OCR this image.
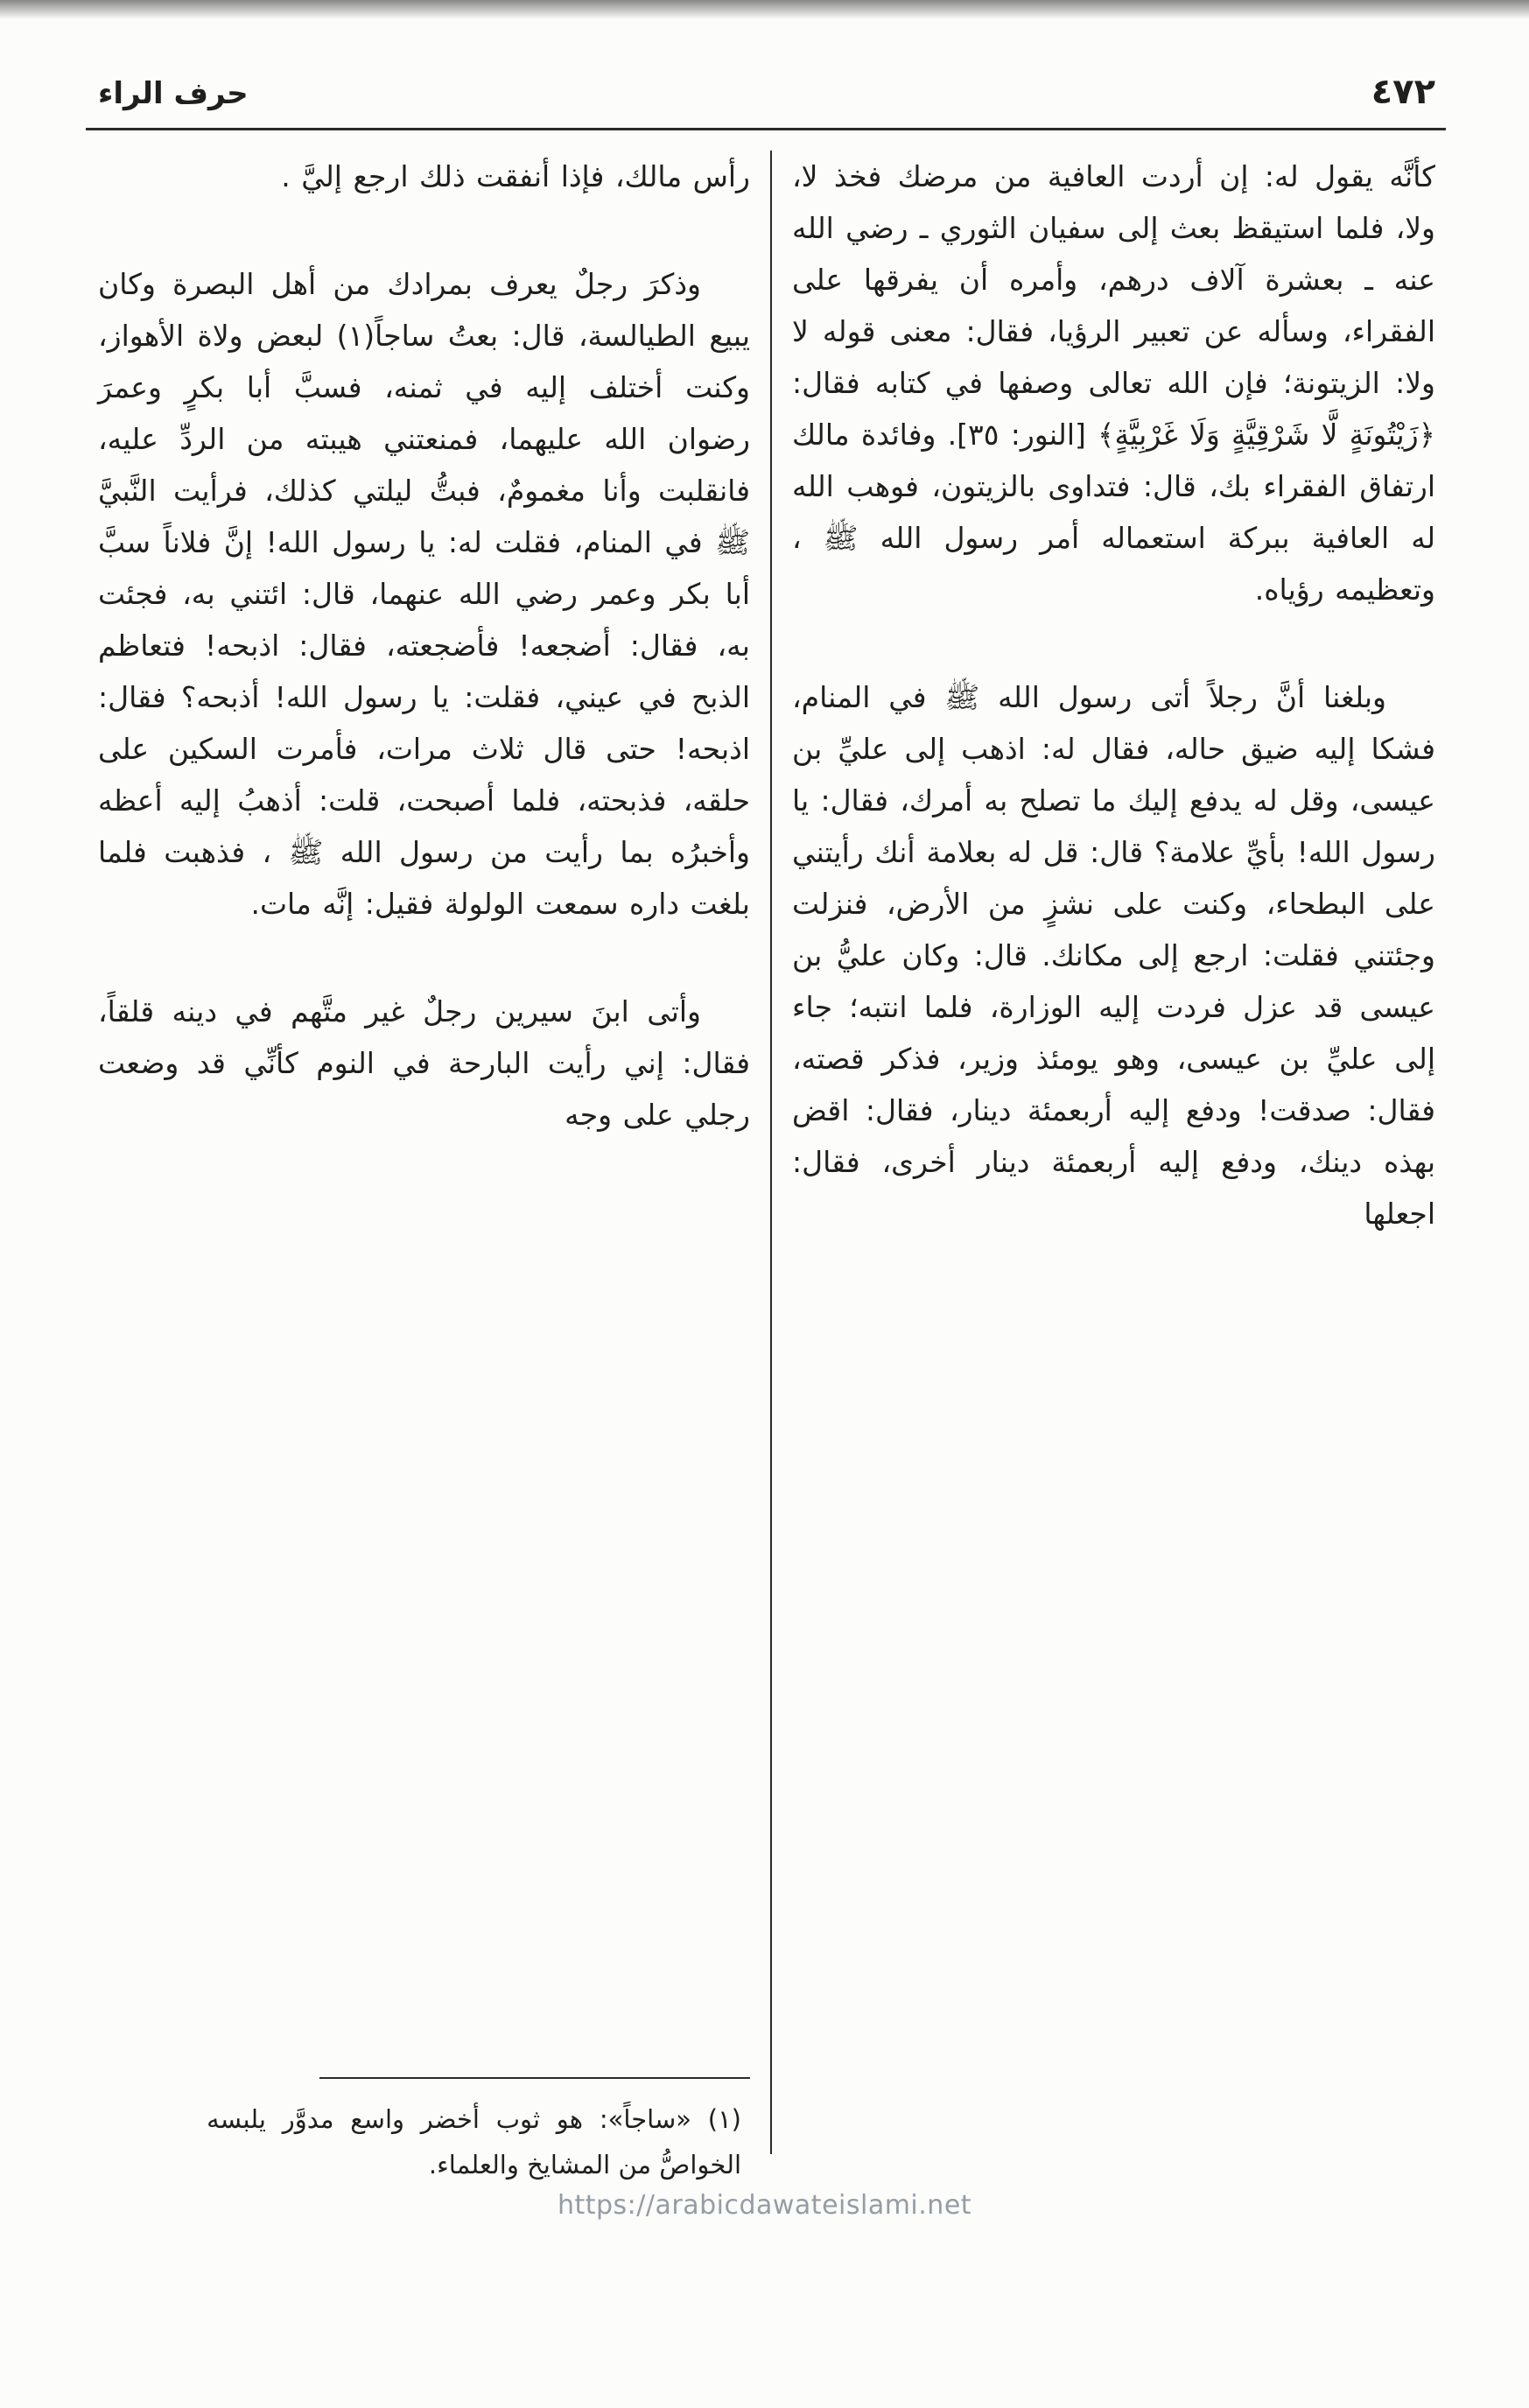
حرف الراء	٤٧٢

كأنَّه يقول له: إن أردت العافية من مرضك فخذ لا، ولا، فلما استيقظ بعث إلى سفيان الثوري ـ رضي الله عنه ـ بعشرة آلاف درهم، وأمره أن يفرقها على الفقراء، وسأله عن تعبير الرؤيا، فقال: معنى قوله لا ولا: الزيتونة؛ فإن الله تعالى وصفها في كتابه فقال: ﴿زَيْتُونَةٍ لَّا شَرْقِيَّةٍ وَلَا غَرْبِيَّةٍ﴾ [النور: ٣٥]. وفائدة مالك ارتفاق الفقراء بك، قال: فتداوى بالزيتون، فوهب الله له العافية ببركة استعماله أمر رسول الله ﷺ ، وتعظيمه رؤياه.

وبلغنا أنَّ رجلاً أتى رسول الله ﷺ في المنام، فشكا إليه ضيق حاله، فقال له: اذهب إلى عليِّ بن عيسى، وقل له يدفع إليك ما تصلح به أمرك، فقال: يا رسول الله! بأيِّ علامة؟ قال: قل له بعلامة أنك رأيتني على البطحاء، وكنت على نشزٍ من الأرض، فنزلت وجئتني فقلت: ارجع إلى مكانك. قال: وكان عليُّ بن عيسى قد عزل فردت إليه الوزارة، فلما انتبه؛ جاء إلى عليِّ بن عيسى، وهو يومئذ وزير، فذكر قصته، فقال: صدقت! ودفع إليه أربعمئة دينار، فقال: اقض بهذه دينك، ودفع إليه أربعمئة دينار أخرى، فقال: اجعلها

رأس مالك، فإذا أنفقت ذلك ارجع إليَّ .

وذكرَ رجلٌ يعرف بمرادك من أهل البصرة وكان يبيع الطيالسة، قال: بعتُ ساجاً(١) لبعض ولاة الأهواز، وكنت أختلف إليه في ثمنه، فسبَّ أبا بكرٍ وعمرَ رضوان الله عليهما، فمنعتني هيبته من الردِّ عليه، فانقلبت وأنا مغمومٌ، فبتُّ ليلتي كذلك، فرأيت النَّبيَّ ﷺ في المنام، فقلت له: يا رسول الله! إنَّ فلاناً سبَّ أبا بكر وعمر رضي الله عنهما، قال: ائتني به، فجئت به، فقال: أضجعه! فأضجعته، فقال: اذبحه! فتعاظم الذبح في عيني، فقلت: يا رسول الله! أذبحه؟ فقال: اذبحه! حتى قال ثلاث مرات، فأمرت السكين على حلقه، فذبحته، فلما أصبحت، قلت: أذهبُ إليه أعظه وأخبرُه بما رأيت من رسول الله ﷺ ، فذهبت فلما بلغت داره سمعت الولولة فقيل: إنَّه مات.

وأتى ابنَ سيرين رجلٌ غير متَّهم في دينه قلقاً، فقال: إني رأيت البارحة في النوم كأنِّي قد وضعت رجلي على وجه

(١) «ساجاً»: هو ثوب أخضر واسع مدوَّر يلبسه الخواصُّ من المشايخ والعلماء.

https://arabicdawateislami.net
